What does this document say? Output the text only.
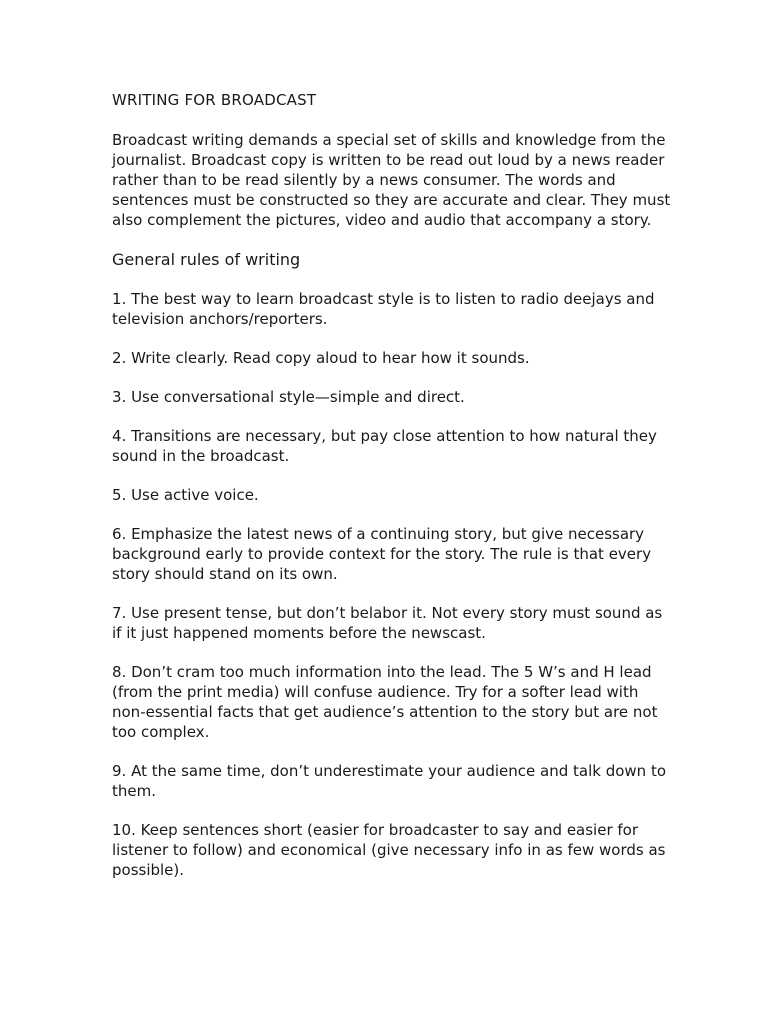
WRITING FOR BROADCAST

Broadcast writing demands a special set of skills and knowledge from the journalist. Broadcast copy is written to be read out loud by a news reader rather than to be read silently by a news consumer. The words and sentences must be constructed so they are accurate and clear. They must also complement the pictures, video and audio that accompany a story.

General rules of writing
1. The best way to learn broadcast style is to listen to radio deejays and television anchors/reporters.
2. Write clearly. Read copy aloud to hear how it sounds.
3. Use conversational style—simple and direct.
4. Transitions are necessary, but pay close attention to how natural they sound in the broadcast.
5. Use active voice.
6. Emphasize the latest news of a continuing story, but give necessary background early to provide context for the story. The rule is that every story should stand on its own.
7. Use present tense, but don’t belabor it. Not every story must sound as if it just happened moments before the newscast.
8. Don’t cram too much information into the lead. The 5 W’s and H lead (from the print media) will confuse audience. Try for a softer lead with non-essential facts that get audience’s attention to the story but are not too complex.
9. At the same time, don’t underestimate your audience and talk down to them.
10. Keep sentences short (easier for broadcaster to say and easier for listener to follow) and economical (give necessary info in as few words as possible).
